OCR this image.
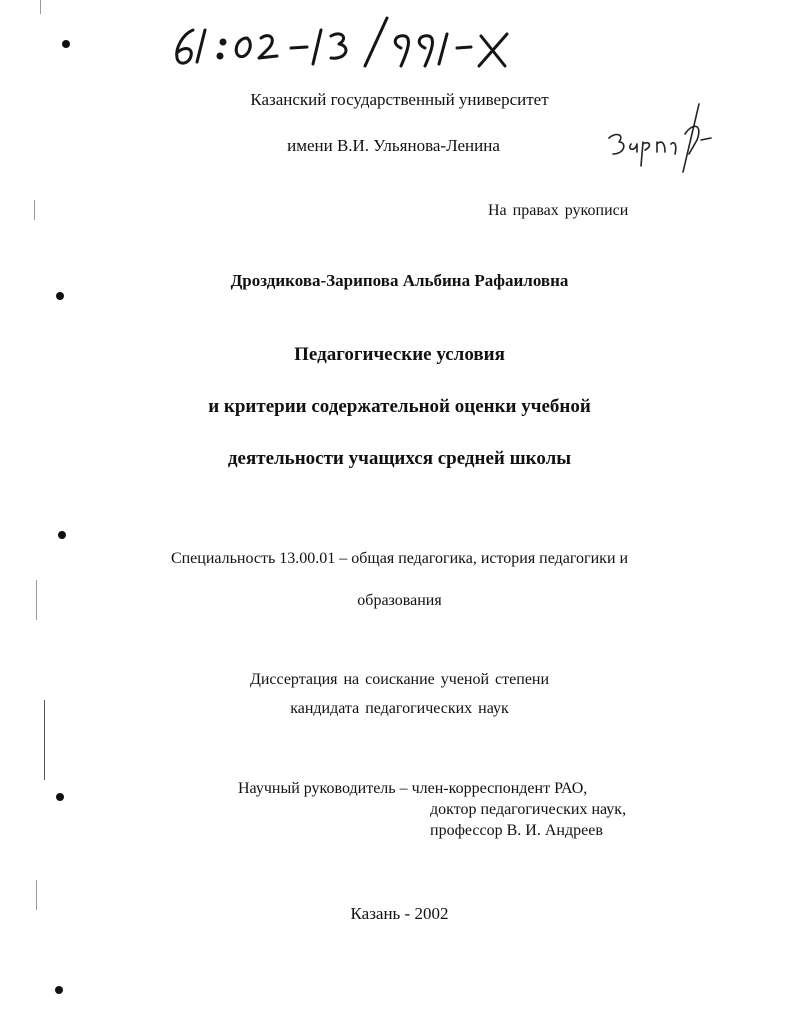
Казанский государственный университет
имени В.И. Ульянова-Ленина
На правах рукописи
Дроздикова-Зарипова Альбина Рафаиловна
Педагогические условия
и критерии содержательной оценки учебной
деятельности учащихся средней школы
Специальность 13.00.01 – общая педагогика, история педагогики и
образования
Диссертация на соискание ученой степени
кандидата педагогических наук
Научный руководитель – член-корреспондент РАО,
доктор педагогических наук,
профессор В. И. Андреев
Казань - 2002
